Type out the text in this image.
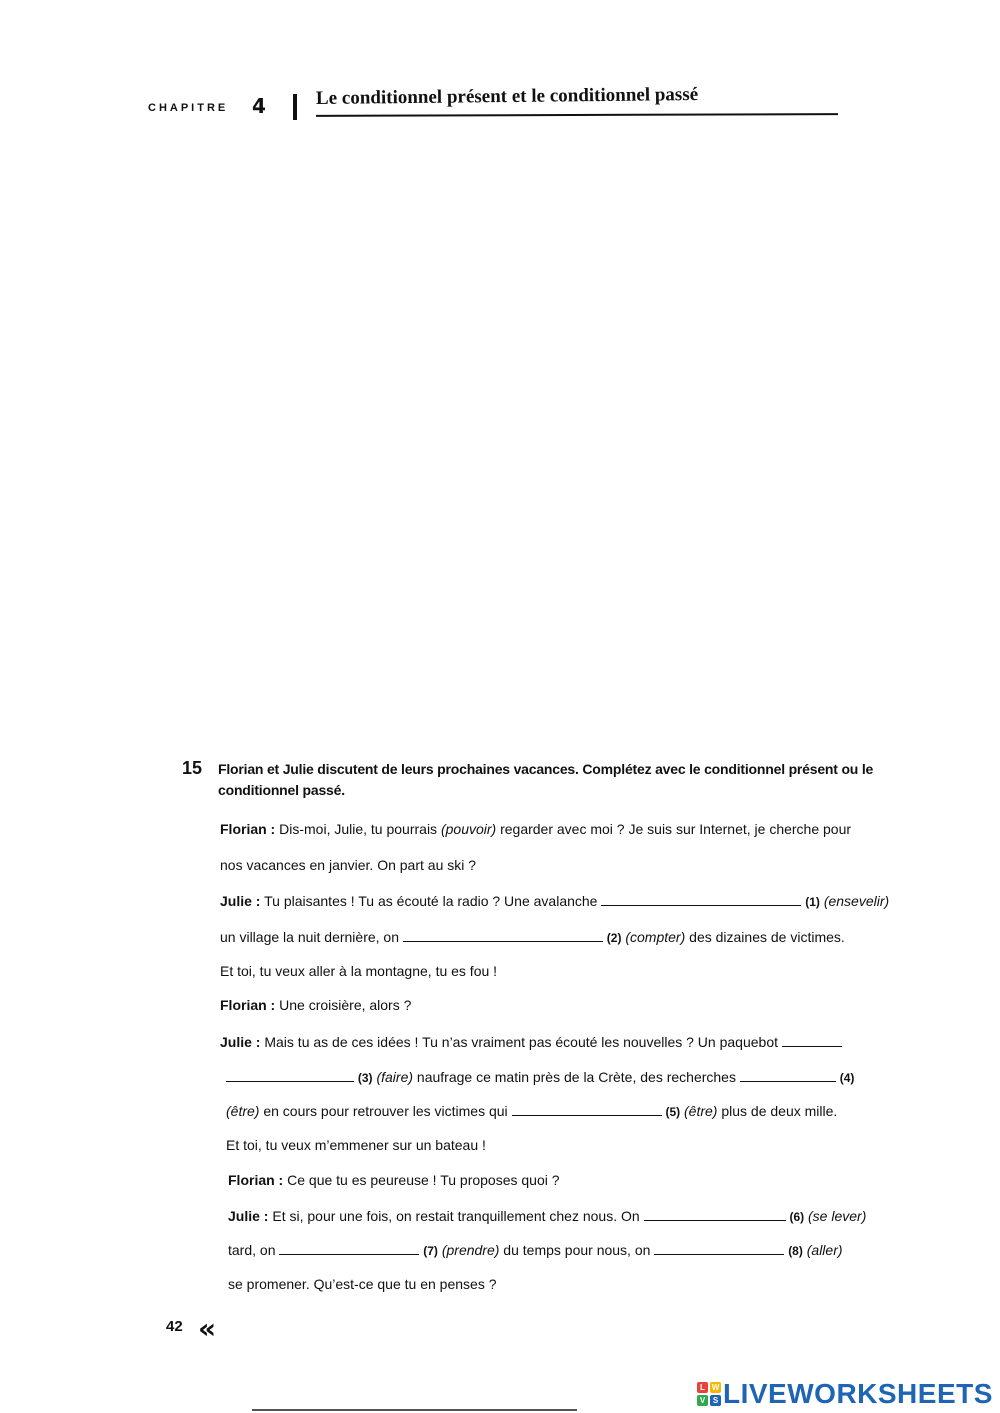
CHAPITRE 4	Le conditionnel présent et le conditionnel passé
15 Florian et Julie discutent de leurs prochaines vacances. Complétez avec le conditionnel présent ou le conditionnel passé.
Florian : Dis-moi, Julie, tu pourrais (pouvoir) regarder avec moi ? Je suis sur Internet, je cherche pour
nos vacances en janvier. On part au ski ?
Julie : Tu plaisantes ! Tu as écouté la radio ? Une avalanche	(1) (ensevelir)
un village la nuit dernière, on	(2) (compter) des dizaines de victimes.
Et toi, tu veux aller à la montagne, tu es fou !
Florian : Une croisière, alors ?
Julie : Mais tu as de ces idées ! Tu n’as vraiment pas écouté les nouvelles ? Un paquebot
(3) (faire) naufrage ce matin près de la Crète, des recherches	(4)
(être) en cours pour retrouver les victimes qui	(5) (être) plus de deux mille.
Et toi, tu veux m’emmener sur un bateau !
Florian : Ce que tu es peureuse ! Tu proposes quoi ?
Julie : Et si, pour une fois, on restait tranquillement chez nous. On	(6) (se lever)
tard, on	(7) (prendre) du temps pour nous, on	(8) (aller)
se promener. Qu’est-ce que tu en penses ?
42 «
L W
V S LIVEWORKSHEETS
